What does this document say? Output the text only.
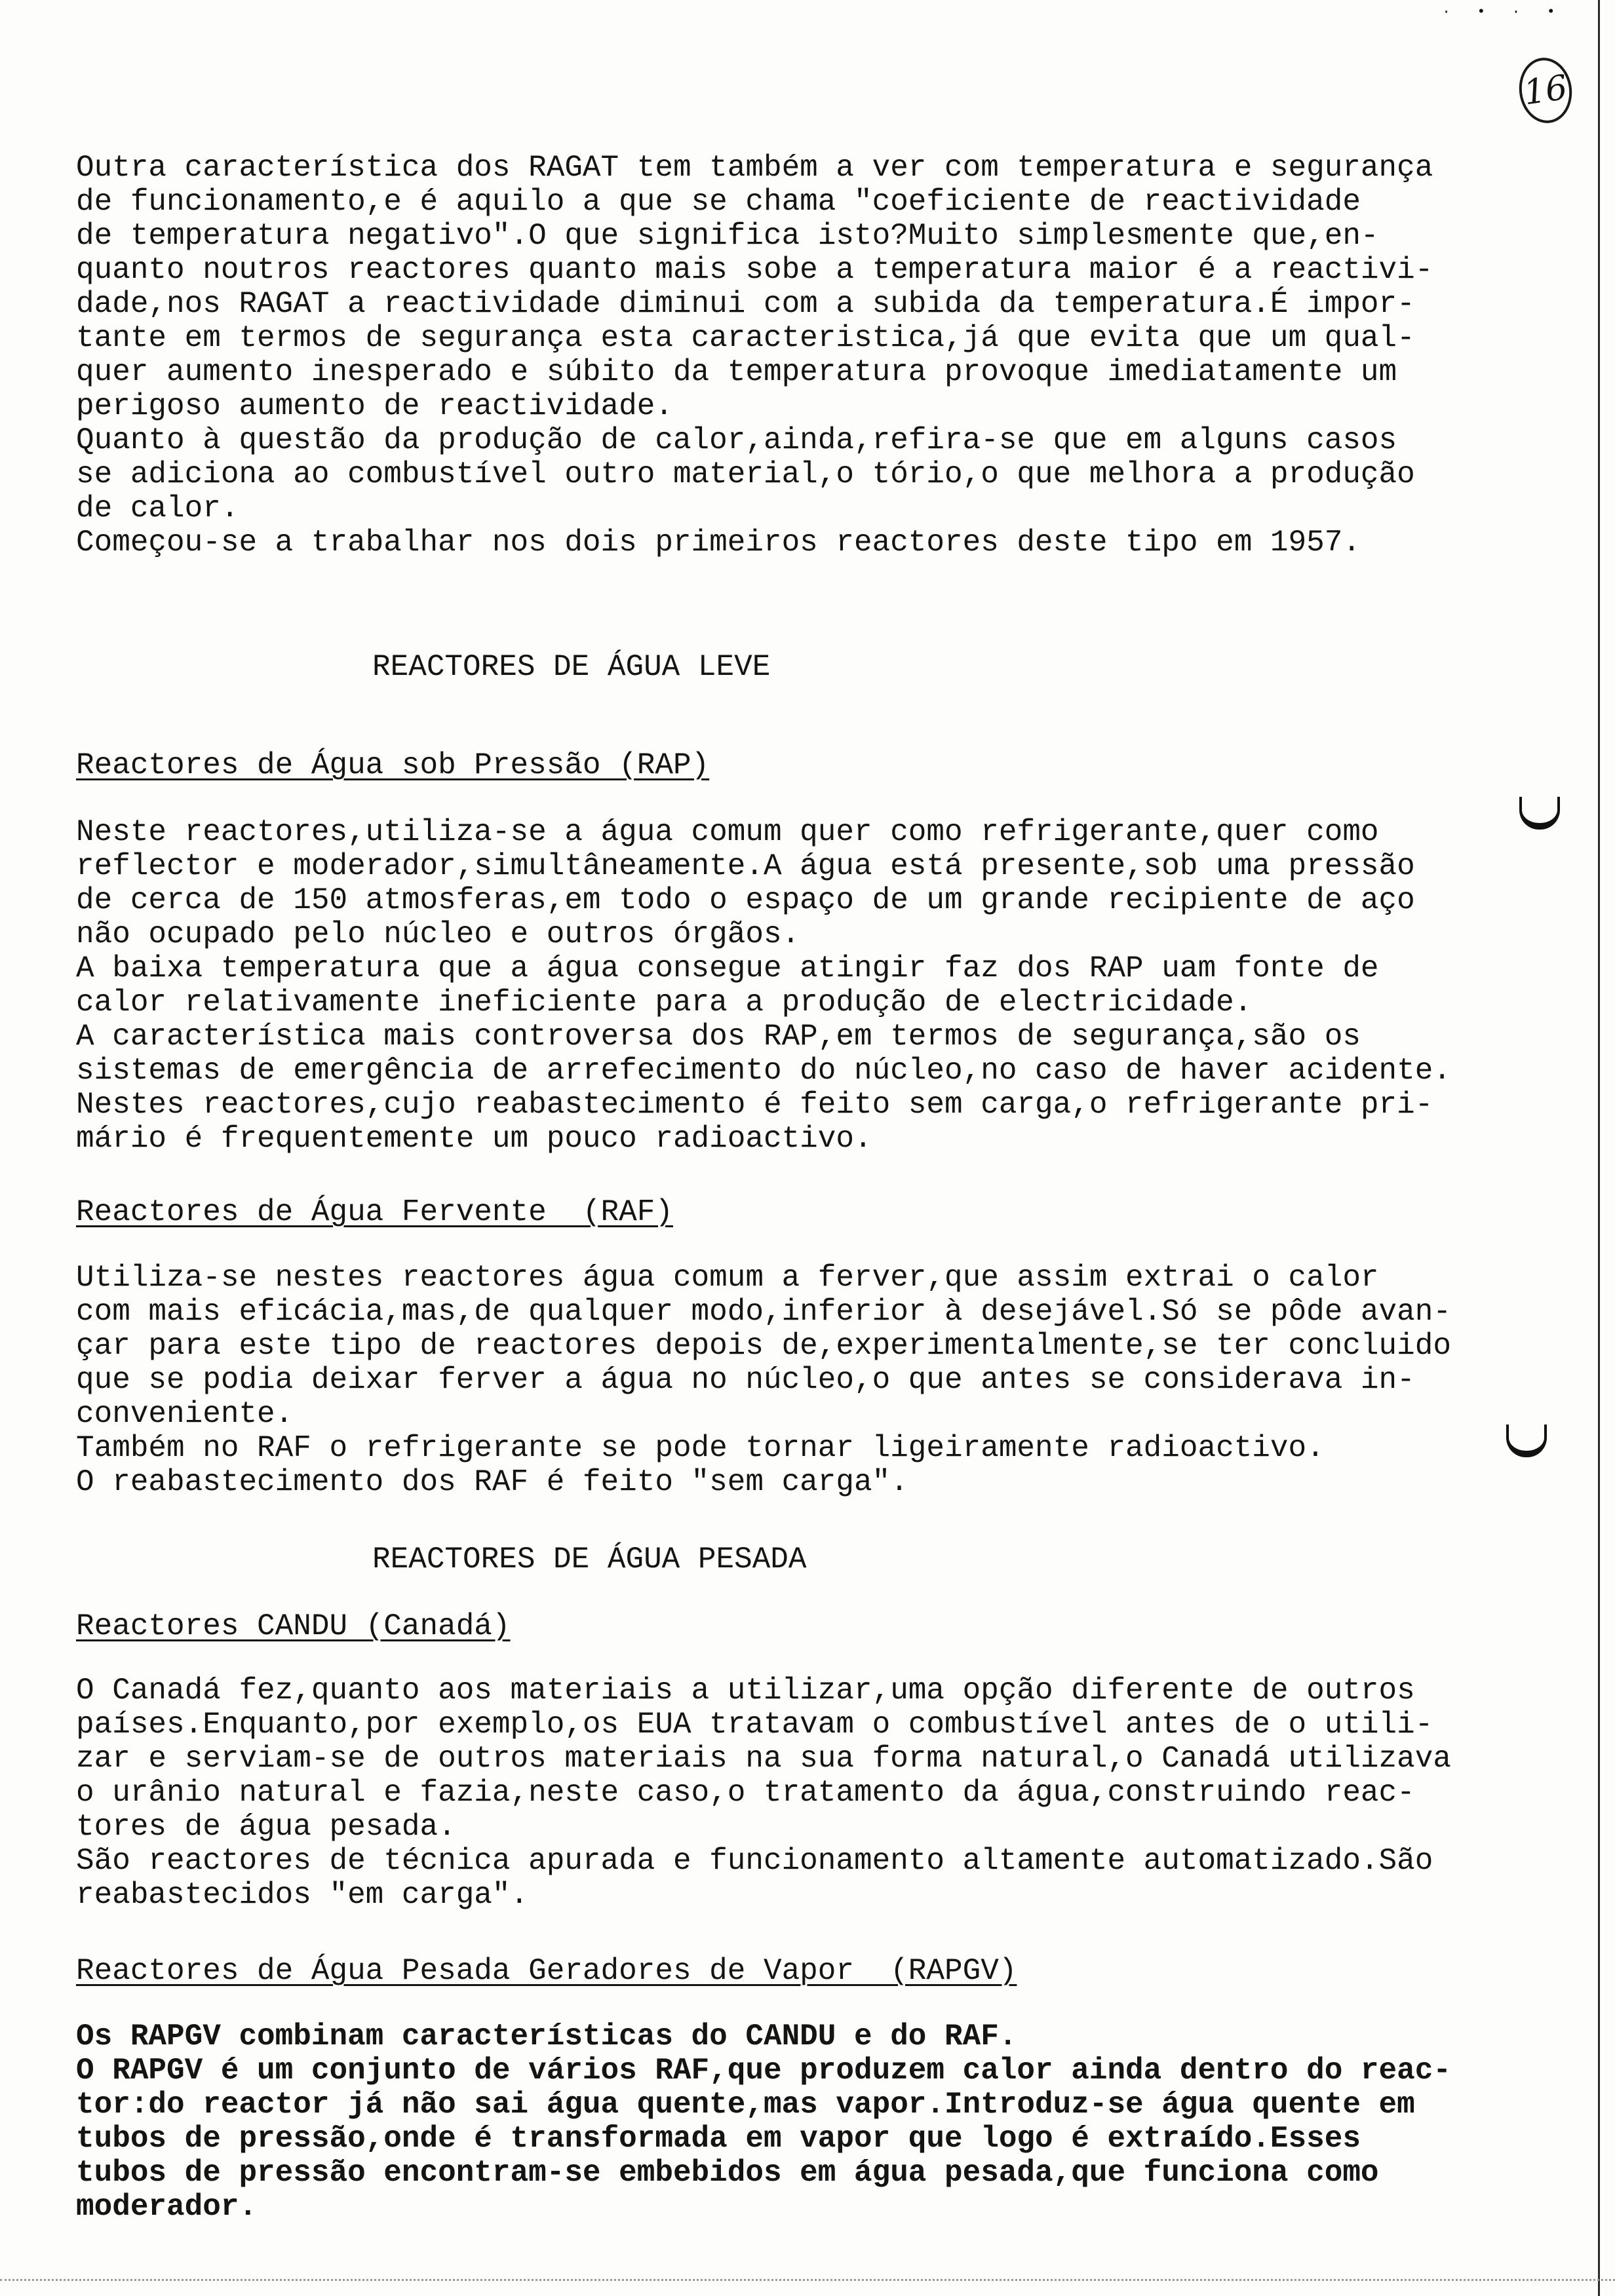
·•·•
16

Outra característica dos RAGAT tem também a ver com temperatura e segurança

de funcionamento,e é aquilo a que se chama "coeficiente de reactividade

de temperatura negativo".O que significa isto?Muito simplesmente que,en-

quanto noutros reactores quanto mais sobe a temperatura maior é a reactivi-

dade,nos RAGAT a reactividade diminui com a subida da temperatura.É impor-

tante em termos de segurança esta caracteristica,já que evita que um qual-

quer aumento inesperado e súbito da temperatura provoque imediatamente um

perigoso aumento de reactividade.

Quanto à questão da produção de calor,ainda,refira-se que em alguns casos

se adiciona ao combustível outro material,o tório,o que melhora a produção

de calor.

Começou-se a trabalhar nos dois primeiros reactores deste tipo em 1957.

REACTORES DE ÁGUA LEVE

Reactores de Água sob Pressão (RAP)

Neste reactores,utiliza-se a água comum quer como refrigerante,quer como

reflector e moderador,simultâneamente.A água está presente,sob uma pressão

de cerca de 150 atmosferas,em todo o espaço de um grande recipiente de aço

não ocupado pelo núcleo e outros órgãos.

A baixa temperatura que a água consegue atingir faz dos RAP uam fonte de

calor relativamente ineficiente para a produção de electricidade.

A característica mais controversa dos RAP,em termos de segurança,são os

sistemas de emergência de arrefecimento do núcleo,no caso de haver acidente.

Nestes reactores,cujo reabastecimento é feito sem carga,o refrigerante pri-

mário é frequentemente um pouco radioactivo.

Reactores de Água Fervente  (RAF)

Utiliza-se nestes reactores água comum a ferver,que assim extrai o calor

com mais eficácia,mas,de qualquer modo,inferior à desejável.Só se pôde avan-

çar para este tipo de reactores depois de,experimentalmente,se ter concluido

que se podia deixar ferver a água no núcleo,o que antes se considerava in-

conveniente.

Também no RAF o refrigerante se pode tornar ligeiramente radioactivo.

O reabastecimento dos RAF é feito "sem carga".

REACTORES DE ÁGUA PESADA

Reactores CANDU (Canadá)

O Canadá fez,quanto aos materiais a utilizar,uma opção diferente de outros

países.Enquanto,por exemplo,os EUA tratavam o combustível antes de o utili-

zar e serviam-se de outros materiais na sua forma natural,o Canadá utilizava

o urânio natural e fazia,neste caso,o tratamento da água,construindo reac-

tores de água pesada.

São reactores de técnica apurada e funcionamento altamente automatizado.São

reabastecidos "em carga".

Reactores de Água Pesada Geradores de Vapor  (RAPGV)

Os RAPGV combinam características do CANDU e do RAF.

O RAPGV é um conjunto de vários RAF,que produzem calor ainda dentro do reac-

tor:do reactor já não sai água quente,mas vapor.Introduz-se água quente em

tubos de pressão,onde é transformada em vapor que logo é extraído.Esses

tubos de pressão encontram-se embebidos em água pesada,que funciona como

moderador.
